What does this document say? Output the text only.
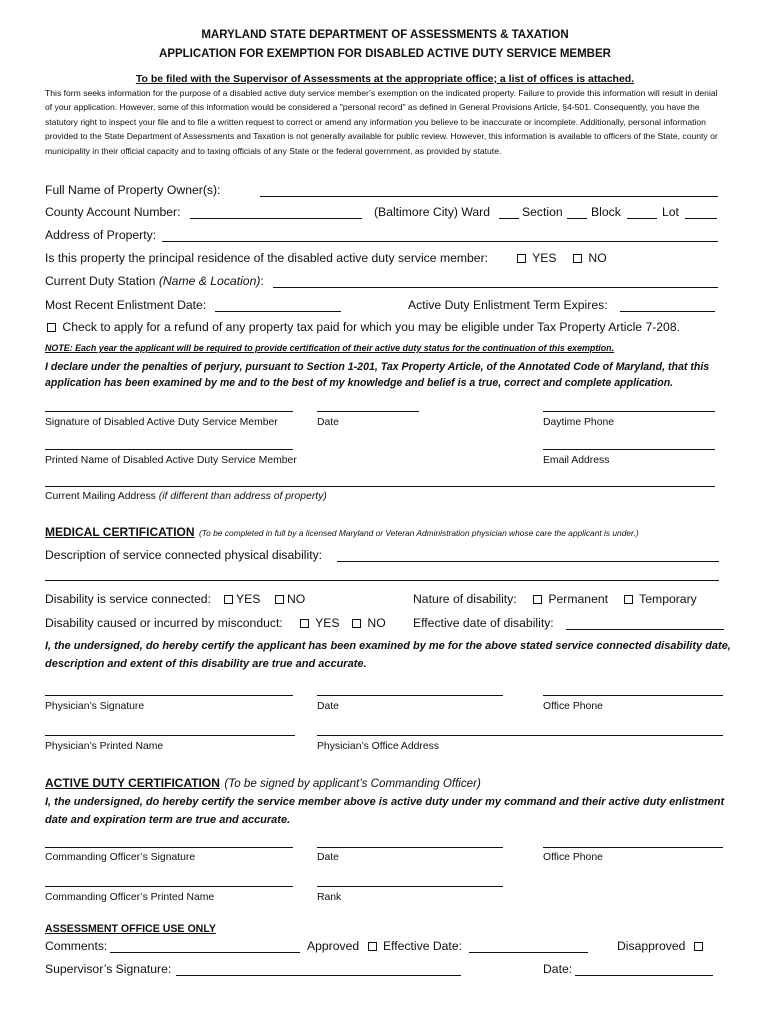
MARYLAND STATE DEPARTMENT OF ASSESSMENTS & TAXATION
APPLICATION FOR EXEMPTION FOR DISABLED ACTIVE DUTY SERVICE MEMBER
To be filed with the Supervisor of Assessments at the appropriate office; a list of offices is attached.
This form seeks information for the purpose of a disabled active duty service member’s exemption on the indicated property. Failure to provide this information will result in denial of your application. However, some of this information would be considered a "personal record" as defined in General Provisions Article, §4-501. Consequently, you have the statutory right to inspect your file and to file a written request to correct or amend any information you believe to be inaccurate or incomplete. Additionally, personal information provided to the State Department of Assessments and Taxation is not generally available for public review. However, this information is available to officers of the State, county or municipality in their official capacity and to taxing officials of any State or the federal government, as provided by statute.
Full Name of Property Owner(s):
County Account Number:	(Baltimore City) Ward	Section Block	Lot
Address of Property:
Is this property the principal residence of the disabled active duty service member:	YES	NO
Current Duty Station (Name & Location):
Most Recent Enlistment Date:	Active Duty Enlistment Term Expires:
Check to apply for a refund of any property tax paid for which you may be eligible under Tax Property Article 7-208.
NOTE: Each year the applicant will be required to provide certification of their active duty status for the continuation of this exemption.
I declare under the penalties of perjury, pursuant to Section 1-201, Tax Property Article, of the Annotated Code of Maryland, that this application has been examined by me and to the best of my knowledge and belief is a true, correct and complete application.
Signature of Disabled Active Duty Service Member	Date	Daytime Phone
Printed Name of Disabled Active Duty Service Member	Email Address
Current Mailing Address (if different than address of property)
MEDICAL CERTIFICATION (To be completed in full by a licensed Maryland or Veteran Administration physician whose care the applicant is under.)
Description of service connected physical disability:
Disability is service connected:	YES	NO	Nature of disability:	Permanent	Temporary
Disability caused or incurred by misconduct:	YES	NO Effective date of disability:
I, the undersigned, do hereby certify the applicant has been examined by me for the above stated service connected disability date, description and extent of this disability are true and accurate.
Physician’s Signature	Date	Office Phone
Physician’s Printed Name	Physician’s Office Address
ACTIVE DUTY CERTIFICATION (To be signed by applicant’s Commanding Officer)
I, the undersigned, do hereby certify the service member above is active duty under my command and their active duty enlistment date and expiration term are true and accurate.
Commanding Officer’s Signature	Date	Office Phone
Commanding Officer’s Printed Name	Rank
ASSESSMENT OFFICE USE ONLY
Comments:	Approved Effective Date:	Disapproved
Supervisor’s Signature:	Date:
